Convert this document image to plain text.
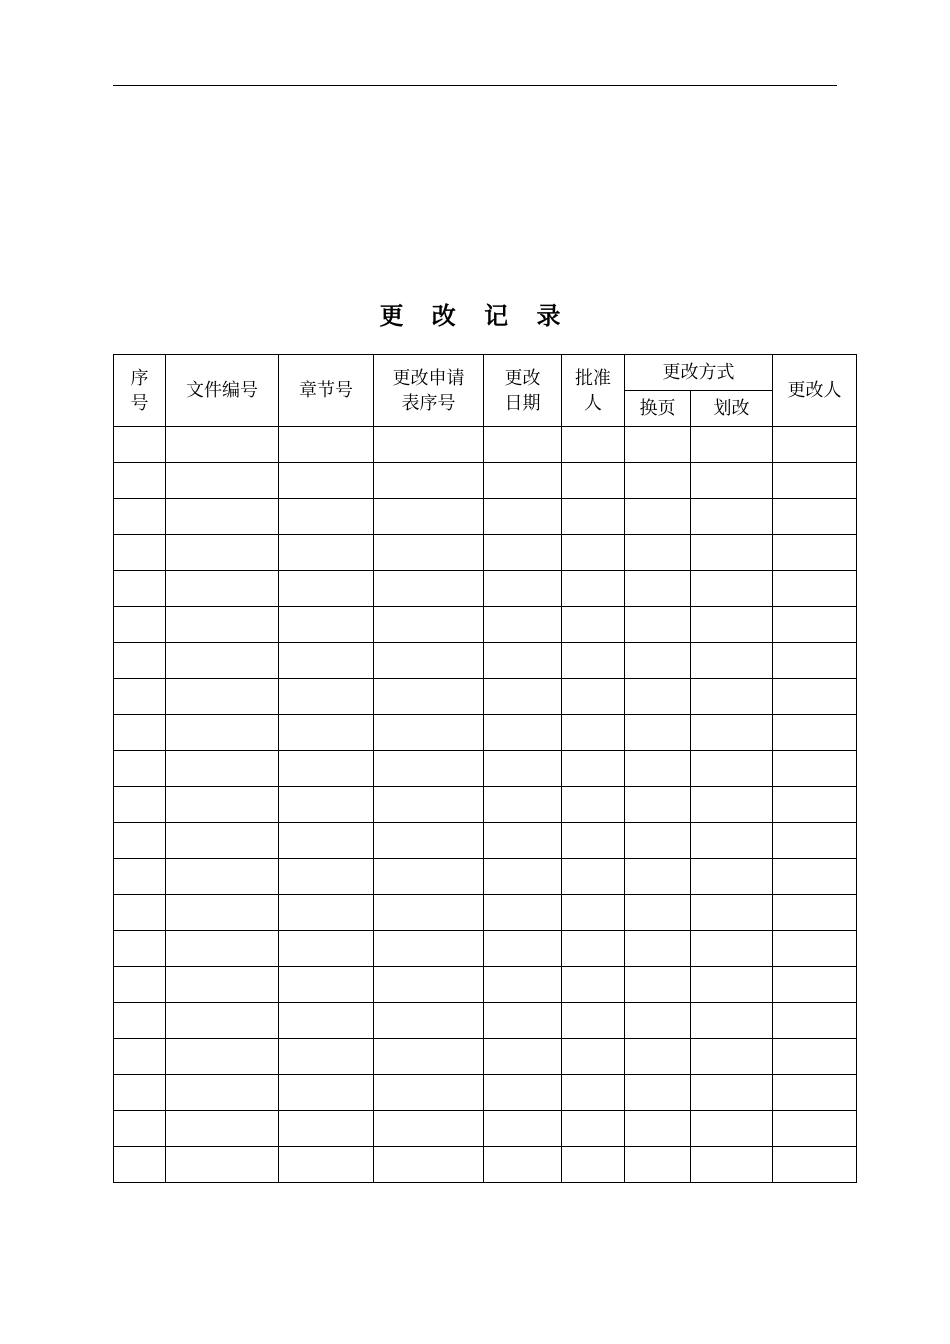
更 改 记 录
序号	文件编号	章节号	更改申请表序号	更改日期	批准人	更改方式		更改人
						换页	划改	
